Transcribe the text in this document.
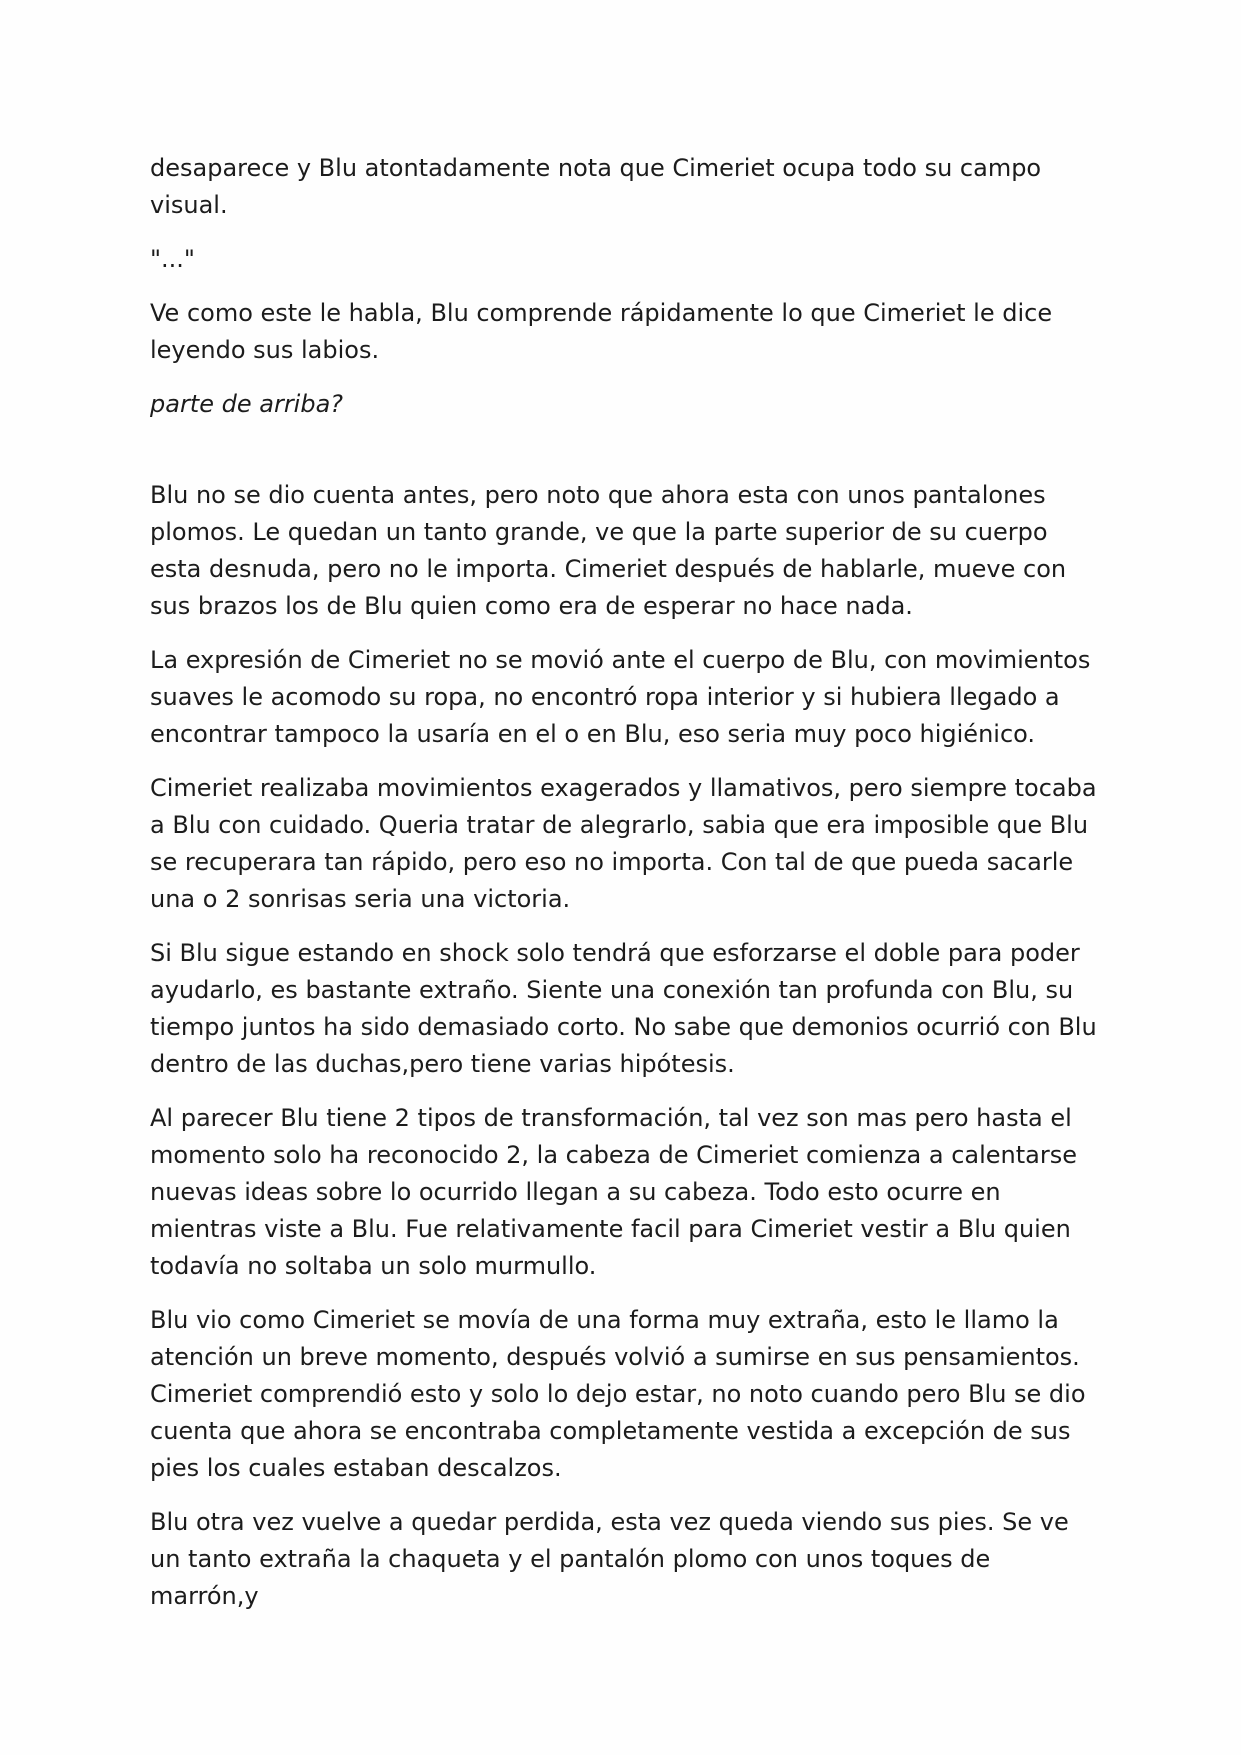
desaparece y Blu atontadamente nota que Cimeriet ocupa todo su campo visual.

"..."

Ve como este le habla, Blu comprende rápidamente lo que Cimeriet le dice leyendo sus labios.

parte de arriba?

Blu no se dio cuenta antes, pero noto que ahora esta con unos pantalones plomos. Le quedan un tanto grande, ve que la parte superior de su cuerpo esta desnuda, pero no le importa. Cimeriet después de hablarle, mueve con sus brazos los de Blu quien como era de esperar no hace nada.

La expresión de Cimeriet no se movió ante el cuerpo de Blu, con movimientos suaves le acomodo su ropa, no encontró ropa interior y si hubiera llegado a encontrar tampoco la usaría en el o en Blu, eso seria muy poco higiénico.

Cimeriet realizaba movimientos exagerados y llamativos, pero siempre tocaba a Blu con cuidado. Queria tratar de alegrarlo, sabia que era imposible que Blu se recuperara tan rápido, pero eso no importa. Con tal de que pueda sacarle una o 2 sonrisas seria una victoria.

Si Blu sigue estando en shock solo tendrá que esforzarse el doble para poder ayudarlo, es bastante extraño. Siente una conexión tan profunda con Blu, su tiempo juntos ha sido demasiado corto. No sabe que demonios ocurrió con Blu dentro de las duchas,pero tiene varias hipótesis.

Al parecer Blu tiene 2 tipos de transformación, tal vez son mas pero hasta el momento solo ha reconocido 2, la cabeza de Cimeriet comienza a calentarse nuevas ideas sobre lo ocurrido llegan a su cabeza. Todo esto ocurre en mientras viste a Blu. Fue relativamente facil para Cimeriet vestir a Blu quien todavía no soltaba un solo murmullo.

Blu vio como Cimeriet se movía de una forma muy extraña, esto le llamo la atención un breve momento, después volvió a sumirse en sus pensamientos. Cimeriet comprendió esto y solo lo dejo estar, no noto cuando pero Blu se dio cuenta que ahora se encontraba completamente vestida a excepción de sus pies los cuales estaban descalzos.

Blu otra vez vuelve a quedar perdida, esta vez queda viendo sus pies. Se ve un tanto extraña la chaqueta y el pantalón plomo con unos toques de marrón,y
